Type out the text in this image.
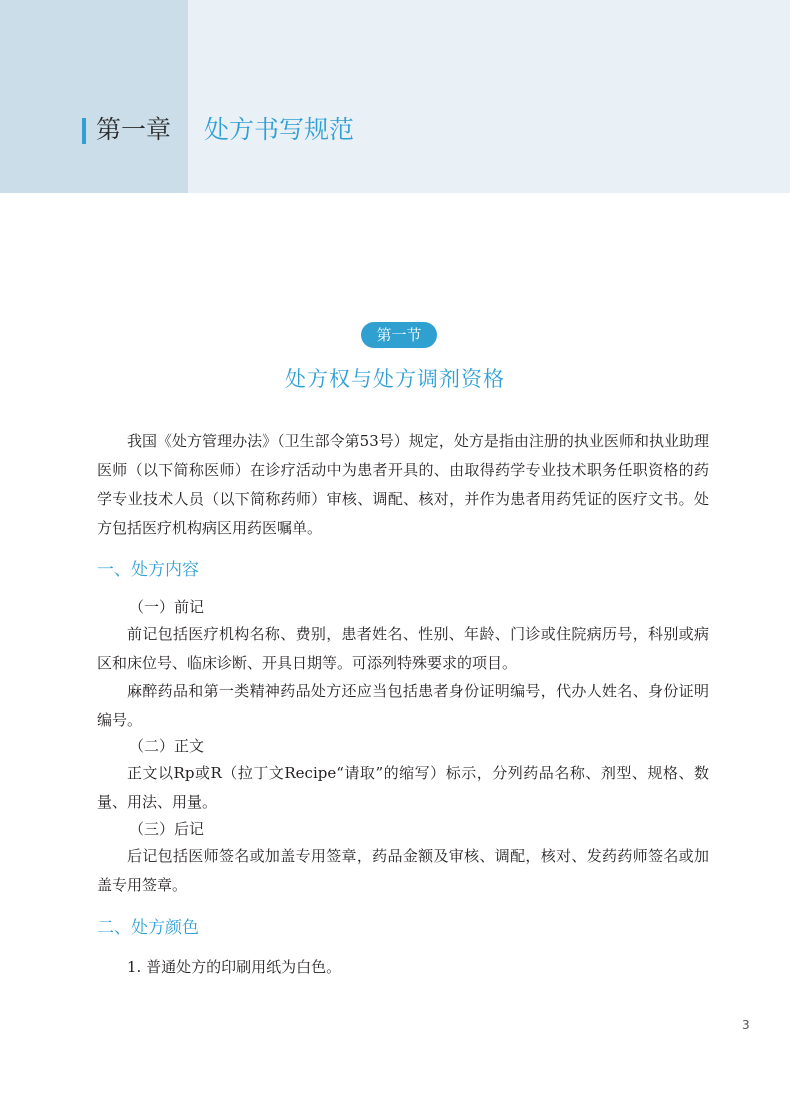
第一章 处方书写规范
第一节
处方权与处方调剂资格

我国《处方管理办法》（卫生部令第53号）规定，处方是指由注册的执业医师和执业助理医师（以下简称医师）在诊疗活动中为患者开具的、由取得药学专业技术职务任职资格的药学专业技术人员（以下简称药师）审核、调配、核对，并作为患者用药凭证的医疗文书。处方包括医疗机构病区用药医嘱单。

一、处方内容
（一）前记

前记包括医疗机构名称、费别，患者姓名、性别、年龄、门诊或住院病历号，科别或病区和床位号、临床诊断、开具日期等。可添列特殊要求的项目。

麻醉药品和第一类精神药品处方还应当包括患者身份证明编号，代办人姓名、身份证明编号。

（二）正文

正文以Rp或R（拉丁文Recipe“请取”的缩写）标示，分列药品名称、剂型、规格、数量、用法、用量。

（三）后记

后记包括医师签名或加盖专用签章，药品金额及审核、调配，核对、发药药师签名或加盖专用签章。

二、处方颜色

1. 普通处方的印刷用纸为白色。

3
